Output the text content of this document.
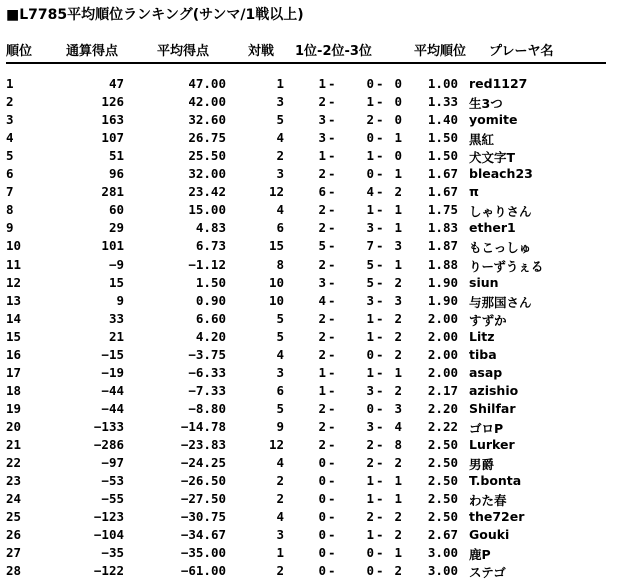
■L7785平均順位ランキング(サンマ/1戦以上)
順位	通算得点	平均得点	対戦 1位-2位-3位	平均順位 プレーヤ名
1	47	47.00	1	1 -	0 - 0	1.00 red1127
2	126	42.00	3	2 -	1 - 0	1.33 生3つ
3	163	32.60	5	3 -	2 - 0	1.40 yomite
4	107	26.75	4	3 -	0 - 1	1.50 黒紅
5	51	25.50	2	1 -	1 - 0	1.50 犬文字T
6	96	32.00	3	2 -	0 - 1	1.67 bleach23
7	281	23.42	12	6 -	4 - 2	1.67 π
8	60	15.00	4	2 -	1 - 1	1.75 しゃりさん
9	29	4.83	6	2 -	3 - 1	1.83 ether1
10	101	6.73	15	5 -	7 - 3	1.87 もこっしゅ
11	−9	−1.12	8	2 -	5 - 1	1.88 りーずうぇる
12	15	1.50	10	3 -	5 - 2	1.90 siun
13	9	0.90	10	4 -	3 - 3	1.90 与那国さん
14	33	6.60	5	2 -	1 - 2	2.00 すずか
15	21	4.20	5	2 -	1 - 2	2.00 Litz
16	−15	−3.75	4	2 -	0 - 2	2.00 tiba
17	−19	−6.33	3	1 -	1 - 1	2.00 asap
18	−44	−7.33	6	1 -	3 - 2	2.17 azishio
19	−44	−8.80	5	2 -	0 - 3	2.20 Shilfar
20	−133	−14.78	9	2 -	3 - 4	2.22 ゴロP
21	−286	−23.83	12	2 -	2 - 8	2.50 Lurker
22	−97	−24.25	4	0 -	2 - 2	2.50 男爵
23	−53	−26.50	2	0 -	1 - 1	2.50 T.bonta
24	−55	−27.50	2	0 -	1 - 1	2.50 わた春
25	−123	−30.75	4	0 -	2 - 2	2.50 the72er
26	−104	−34.67	3	0 -	1 - 2	2.67 Gouki
27	−35	−35.00	1	0 -	0 - 1	3.00 鹿P
28	−122	−61.00	2	0 -	0 - 2	3.00 ステゴ
